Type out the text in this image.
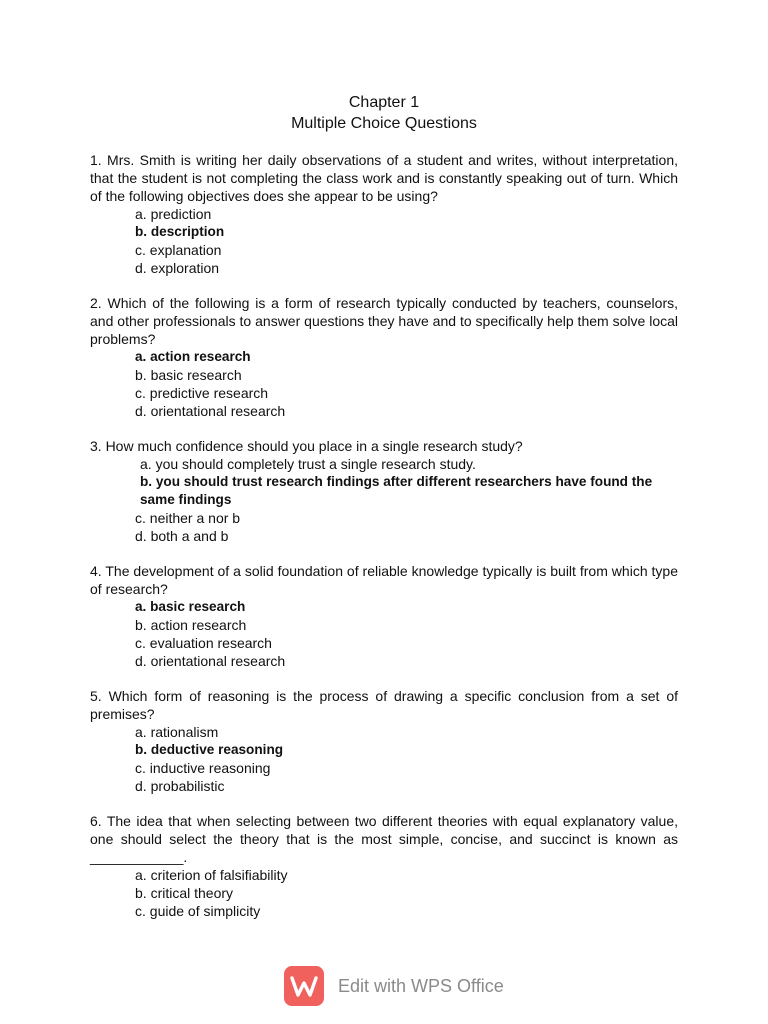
Chapter 1
Multiple Choice Questions

1. Mrs. Smith is writing her daily observations of a student and writes, without interpretation, that the student is not completing the class work and is constantly speaking out of turn. Which of the following objectives does she appear to be using?

a. prediction
b. description
c. explanation
d. exploration

2. Which of the following is a form of research typically conducted by teachers, counselors, and other professionals to answer questions they have and to specifically help them solve local problems?

a. action research
b. basic research
c. predictive research
d. orientational research

3. How much confidence should you place in a single research study?

a. you should completely trust a single research study.
b. you should trust research findings after different researchers have found the same findings
c. neither a nor b
d. both a and b

4. The development of a solid foundation of reliable knowledge typically is built from which type of research?

a. basic research
b. action research
c. evaluation research
d. orientational research

5. Which form of reasoning is the process of drawing a specific conclusion from a set of premises?

a. rationalism
b. deductive reasoning
c. inductive reasoning
d. probabilistic

6. The idea that when selecting between two different theories with equal explanatory value, one should select the theory that is the most simple, concise, and succinct is known as ____________.

a. criterion of falsifiability
b. critical theory
c. guide of simplicity
Edit with WPS Office
